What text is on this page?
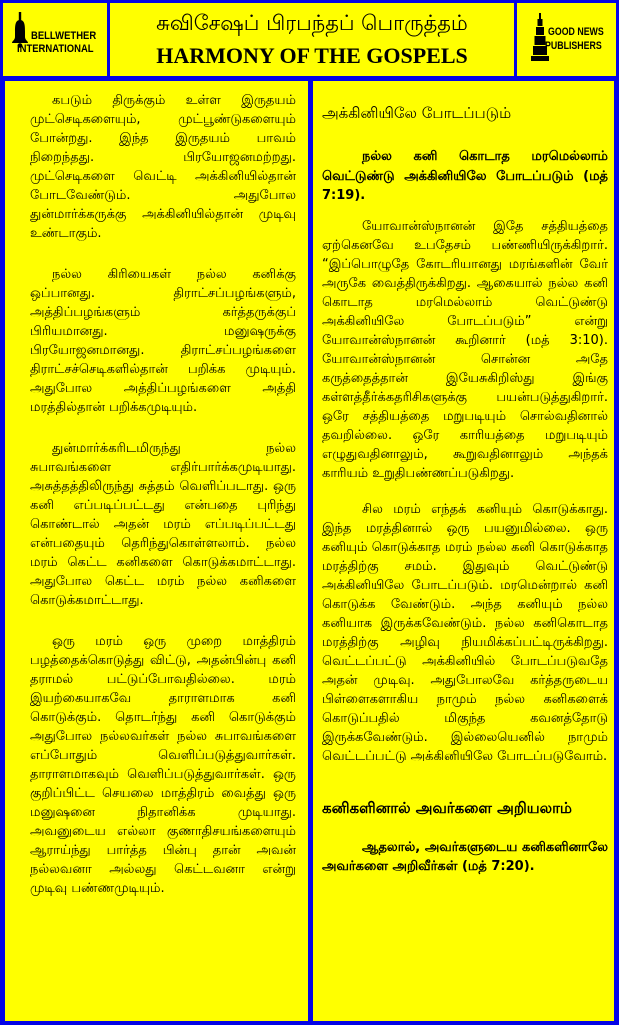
BELLWETHER
INTERNATIONAL
சுவிசேஷப் பிரபந்தப் பொருத்தம்
HARMONY OF THE GOSPELS
GOOD NEWS
PUBLISHERS

கபடும் திருக்கும் உள்ள இருதயம் முட்செடிகளையும், முட்பூண்டுகளையும் போன்றது. இந்த இருதயம் பாவம் நிறைந்தது. பிரயோஜனமற்றது. முட்செடிகளை வெட்டி அக்கினியில்தான் போடவேண்டும். அதுபோல துன்மார்க்கருக்கு அக்கினியில்தான் முடிவு உண்டாகும்.

நல்ல கிரியைகள் நல்ல கனிக்கு ஒப்பானது. திராட்சப்பழங்களும், அத்திப்பழங்களும் கர்த்தருக்குப் பிரியமானது. மனுஷருக்கு பிரயோஜனமானது. திராட்சப்பழங்களை திராட்சச்செடிகளில்தான் பறிக்க முடியும். அதுபோல அத்திப்பழங்களை அத்தி மரத்தில்தான் பறிக்கமுடியும்.

துன்மார்க்கரிடமிருந்து நல்ல சுபாவங்களை எதிர்பார்க்கமுடியாது. அசுத்தத்திலிருந்து சுத்தம் வெளிப்படாது. ஒரு கனி எப்படிப்பட்டது என்பதை புரிந்து கொண்டால் அதன் மரம் எப்படிப்பட்டது என்பதையும் தெரிந்துகொள்ளலாம். நல்ல மரம் கெட்ட கனிகளை கொடுக்கமாட்டாது. அதுபோல கெட்ட மரம் நல்ல கனிகளை கொடுக்கமாட்டாது.

ஒரு மரம் ஒரு முறை மாத்திரம் பழத்தைக்கொடுத்து விட்டு, அதன்பின்பு கனி தராமல் பட்டுப்போவதில்லை. மரம் இயற்கையாகவே தாராளமாக கனி கொடுக்கும். தொடர்ந்து கனி கொடுக்கும் அதுபோல நல்லவர்கள் நல்ல சுபாவங்களை எப்போதும் வெளிப்படுத்துவார்கள். தாராளமாகவும் வெளிப்படுத்துவார்கள். ஒரு குறிப்பிட்ட செயலை மாத்திரம் வைத்து ஒரு மனுஷனை நிதானிக்க முடியாது. அவனுடைய எல்லா குணாதிசயங்களையும் ஆராய்ந்து பார்த்த பின்பு தான் அவன் நல்லவனா அல்லது கெட்டவனா என்று முடிவு பண்ணமுடியும்.

அக்கினியிலே போடப்படும்

நல்ல கனி கொடாத மரமெல்லாம் வெட்டுண்டு அக்கினியிலே போடப்படும் (மத் 7:19).

யோவான்ஸ்நானன் இதே சத்தியத்தை ஏற்கெனவே உபதேசம் பண்ணியிருக்கிறார். “இப்பொழுதே கோடரியானது மரங்களின் வேர் அருகே வைத்திருக்கிறது. ஆகையால் நல்ல கனி கொடாத மரமெல்லாம் வெட்டுண்டு அக்கினியிலே போடப்படும்” என்று யோவான்ஸ்நானன் கூறினார் (மத் 3:10). யோவான்ஸ்நானன் சொன்ன அதே கருத்தைத்தான் இயேசுகிறிஸ்து இங்கு கள்ளத்தீர்க்கதரிசிகளுக்கு பயன்படுத்துகிறார். ஒரே சத்தியத்தை மறுபடியும் சொல்வதினால் தவறில்லை. ஒரே காரியத்தை மறுபடியும் எழுதுவதினாலும், கூறுவதினாலும் அந்தக் காரியம் உறுதிபண்ணப்படுகிறது.

சில மரம் எந்தக் கனியும் கொடுக்காது. இந்த மரத்தினால் ஒரு பயனுமில்லை. ஒரு கனியும் கொடுக்காத மரம் நல்ல கனி கொடுக்காத மரத்திற்கு சமம். இதுவும் வெட்டுண்டு அக்கினியிலே போடப்படும். மரமென்றால் கனி கொடுக்க வேண்டும். அந்த கனியும் நல்ல கனியாக இருக்கவேண்டும். நல்ல கனிகொடாத மரத்திற்கு அழிவு நியமிக்கப்பட்டிருக்கிறது. வெட்டப்பட்டு அக்கினியில் போடப்படுவதே அதன் முடிவு. அதுபோலவே கர்த்தருடைய பிள்ளைகளாகிய நாமும் நல்ல கனிகளைக் கொடுப்பதில் மிகுந்த கவனத்தோடு இருக்கவேண்டும். இல்லையெனில் நாமும் வெட்டப்பட்டு அக்கினியிலே போடப்படுவோம்.

கனிகளினால் அவர்களை அறியலாம்

ஆதலால், அவர்களுடைய கனிகளினாலே அவர்களை அறிவீர்கள் (மத் 7:20).
